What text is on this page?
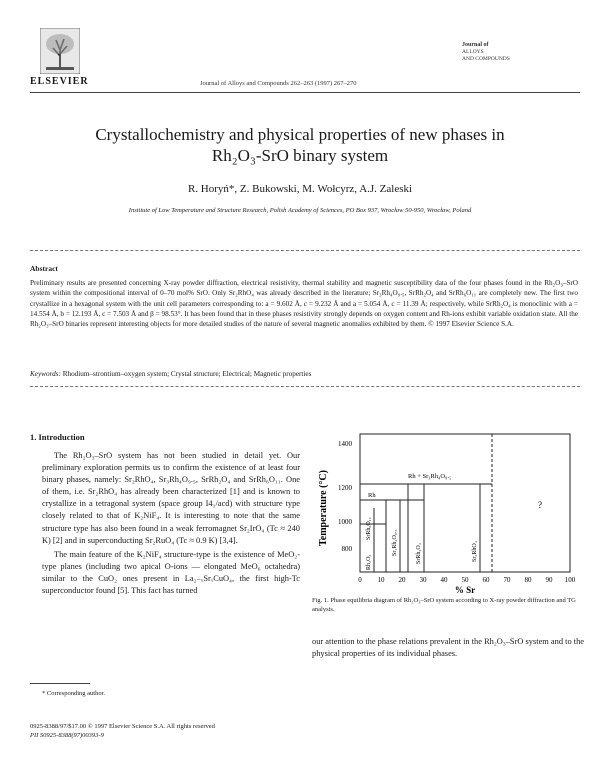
ELSEVIER	Journal of Alloys and Compounds 262–263 (1997) 267–270
Journal of
ALLOYS
AND COMPOUNDS
Crystallochemistry and physical properties of new phases in
Rh₂O₃-SrO binary system
R. Horyń*, Z. Bukowski, M. Wołcyrz, A.J. Zaleski
Institute of Low Temperature and Structure Research, Polish Academy of Sciences, PO Box 937, Wrocław 50-950, Wrocław, Poland
Abstract
Preliminary results are presented concerning X-ray powder diffraction, electrical resistivity, thermal stability and magnetic susceptibility data of the four phases found in the Rh₂O₃–SrO system within the compositional interval of 0–70 mol% SrO. Only Sr₂RhO₄ was already described in the literature; Sr₃Rh₄O₉.₅, SrRh₂O₄ and SrRh₆O₁₁ are completely new. The first two crystallize in a hexagonal system with the unit cell parameters corresponding to: a = 9.602 Å, c = 9.232 Å and a = 5.054 Å, c = 11.39 Å; respectively, while SrRh₂O₄ is monoclinic with a = 14.554 Å, b = 12.193 Å, c = 7.503 Å and β = 98.53°. It has been found that in these phases resistivity strongly depends on oxygen content and Rh-ions exhibit variable oxidation state. All the Rh₂O₃–SrO binaries represent interesting objects for more detailed studies of the nature of several magnetic anomalies exhibited by them. © 1997 Elsevier Science S.A.
Keywords: Rhodium–strontium–oxygen system; Crystal structure; Electrical; Magnetic properties
1. Introduction

The Rh₂O₃–SrO system has not been studied in detail yet. Our preliminary exploration permits us to confirm the existence of at least four binary phases, namely: Sr₂RhO₄, Sr₃Rh₄O₉.₅, SrRh₂O₄ and SrRh₆O₁₁. One of them, i.e. Sr₂RhO₄ has already been characterized [1] and is known to crystallize in a tetragonal system (space group I4₁/acd) with structure type closely related to that of K₂NiF₄. It is interesting to note that the same structure type has also been found in a weak ferromagnet Sr₂IrO₄ (Tc ≈ 240 K) [2] and in superconducting Sr₂RuO₄ (Tc ≈ 0.9 K) [3,4].

The main feature of the K₂NiF₄ structure-type is the existence of MeO₂-type planes (including two apical O-ions — elongated MeO₆ octahedra) similar to the CuO₂ ones present in La₂₋ₓSrₓCuO₄, the first high-Tc superconductor found [5]. This fact has turned

* Corresponding author.
0925-8388/97/$17.00 © 1997 Elsevier Science S.A. All rights reserved
PII S0925-8388(97)00393-9
Temperature (°C)
1400
1200
1000
800
0 10 20 30 40 50 60 70 80 90 100
% Sr
Rh + Sr₃Rh₄O₉.₅
Rh
SrRh₆O₁₁
Sr₃Rh₄O₉.₅	SrRh₂O₄	Sr₂RhO₄
Rh₂O₃
?
Fig. 1. Phase equilibria diagram of Rh₂O₃–SrO system according to X-ray powder diffraction and TG analysis.
our attention to the phase relations prevalent in the Rh₂O₃–SrO system and to the physical properties of its individual phases.
